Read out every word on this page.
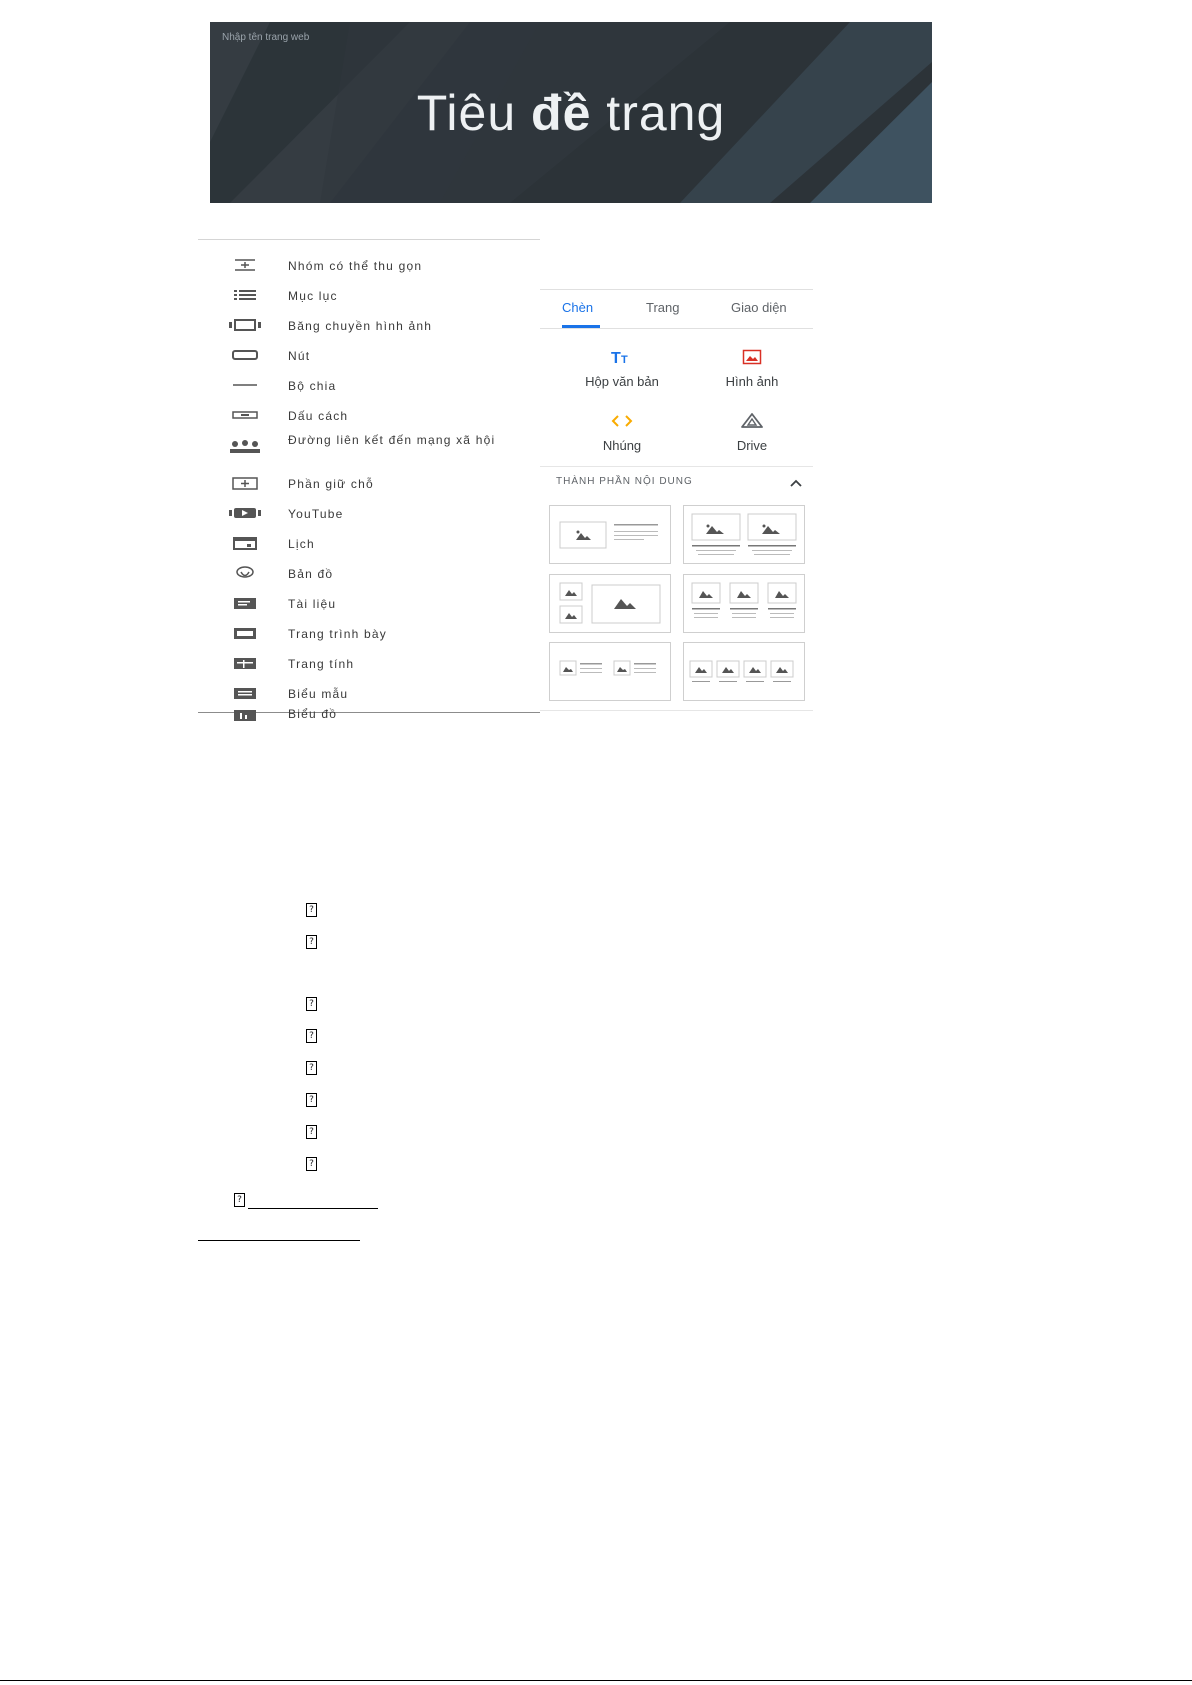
Nhập tên trang web
Tiêu đề trang
Nhóm có thể thu gọn
Mục lục
Băng chuyền hình ảnh
Nút
Bộ chia
Dấu cách
Đường liên kết đến mạng xã hội
Phần giữ chỗ
YouTube
Lịch
Bản đồ
Tài liệu
Trang trình bày
Trang tính
Biểu mẫu
Biểu đồ
Chèn	Trang	Giao diện
T T
Hộp văn bản	Hình ảnh
Nhúng	Drive
THÀNH PHẦN NỘI DUNG
?
?
?
?
?
?
?
?
?
